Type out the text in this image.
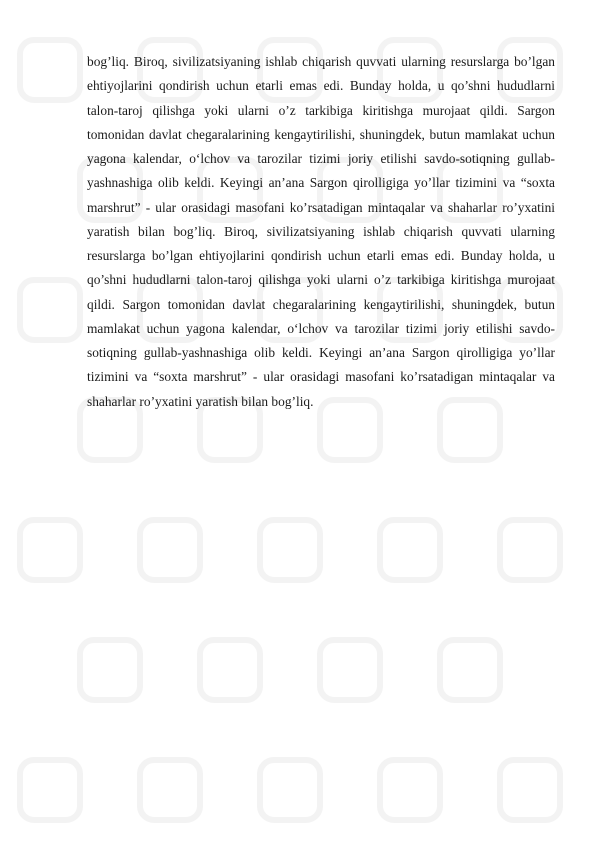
bog’liq. Biroq, sivilizatsiyaning ishlab chiqarish quvvati ularning resurslarga bo’lgan ehtiyojlarini qondirish uchun etarli emas edi. Bunday holda, u qo’shni hududlarni talon-taroj qilishga yoki ularni o’z tarkibiga kiritishga murojaat qildi. Sargon tomonidan davlat chegaralarining kengaytirilishi, shuningdek, butun mamlakat uchun yagona kalendar, o‘lchov va tarozilar tizimi joriy etilishi savdo-sotiqning gullab-yashnashiga olib keldi. Keyingi an’ana Sargon qirolligiga yo’llar tizimini va “soxta marshrut” - ular orasidagi masofani ko’rsatadigan mintaqalar va shaharlar ro’yxatini yaratish bilan bog’liq. Biroq, sivilizatsiyaning ishlab chiqarish quvvati ularning resurslarga bo’lgan ehtiyojlarini qondirish uchun etarli emas edi. Bunday holda, u qo’shni hududlarni talon-taroj qilishga yoki ularni o’z tarkibiga kiritishga murojaat qildi. Sargon tomonidan davlat chegaralarining kengaytirilishi, shuningdek, butun mamlakat uchun yagona kalendar, o‘lchov va tarozilar tizimi joriy etilishi savdo-sotiqning gullab-yashnashiga olib keldi. Keyingi an’ana Sargon qirolligiga yo’llar tizimini va “soxta marshrut” - ular orasidagi masofani ko’rsatadigan mintaqalar va shaharlar ro’yxatini yaratish bilan bog’liq.
